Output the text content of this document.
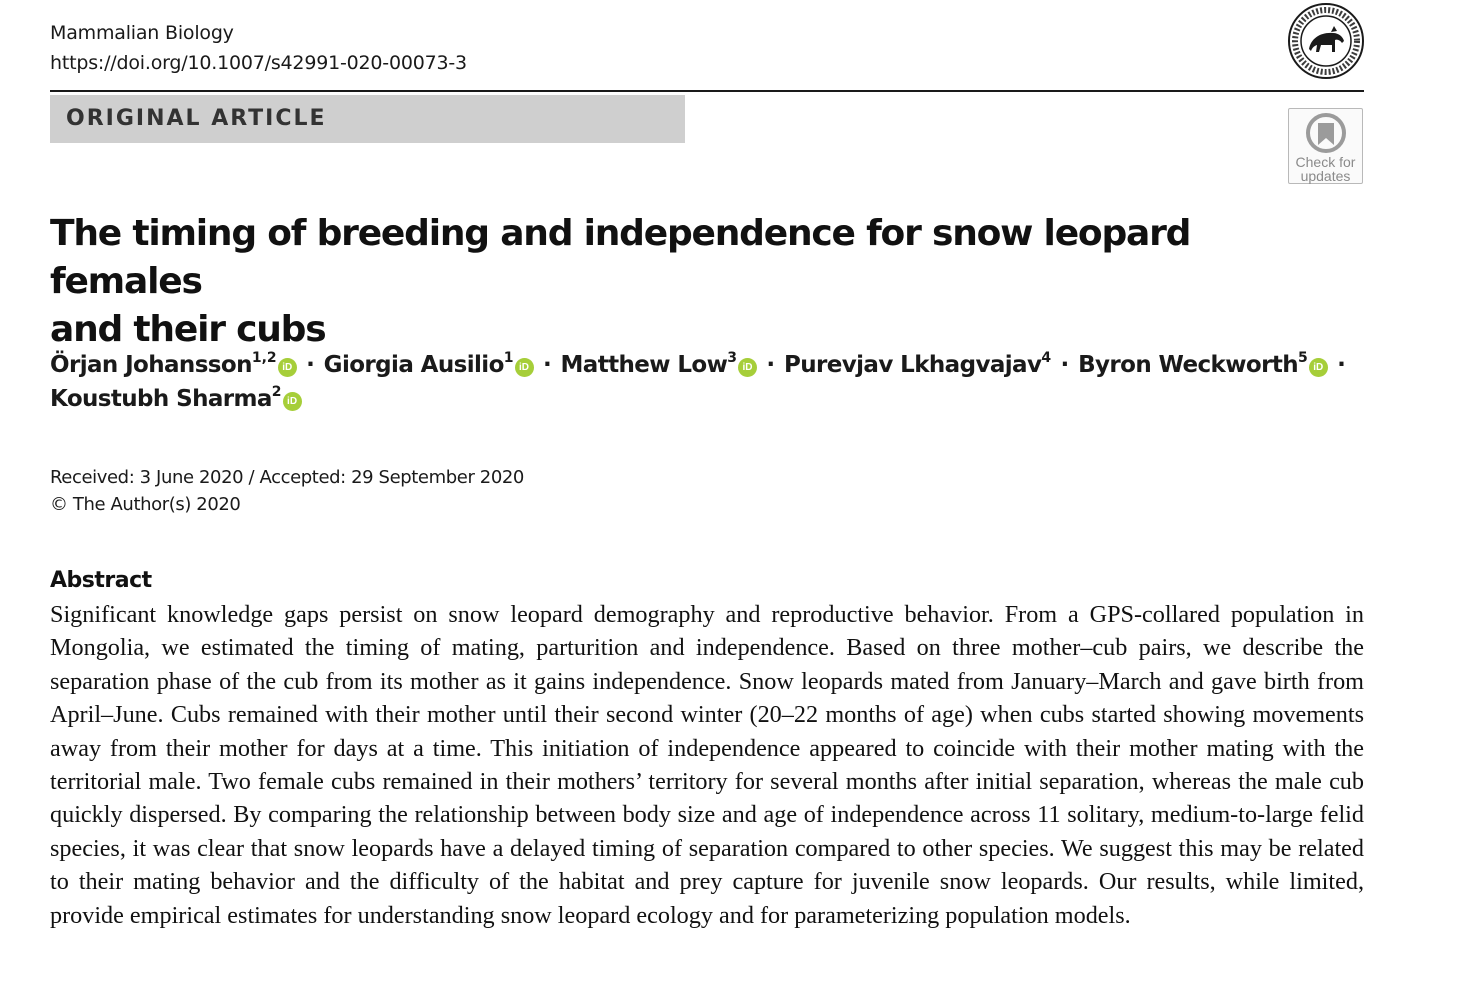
Mammalian Biology
https://doi.org/10.1007/s42991-020-00073-3
ORIGINAL ARTICLE
Check for
updates
The timing of breeding and independence for snow leopard females
and their cubs
Örjan Johansson$^{1,2}$iD · Giorgia Ausilio$^1$iD · Matthew Low$^3$iD · Purevjav Lkhagvajav$^4$ · Byron Weckworth$^5$iD ·
Koustubh Sharma$^2$iD
Received: 3 June 2020 / Accepted: 29 September 2020
© The Author(s) 2020
Abstract

Significant knowledge gaps persist on snow leopard demography and reproductive behavior. From a GPS-collared population in Mongolia, we estimated the timing of mating, parturition and independence. Based on three mother–cub pairs, we describe the separation phase of the cub from its mother as it gains independence. Snow leopards mated from January–March and gave birth from April–June. Cubs remained with their mother until their second winter (20–22 months of age) when cubs started showing movements away from their mother for days at a time. This initiation of independence appeared to coincide with their mother mating with the territorial male. Two female cubs remained in their mothers’ territory for several months after initial separation, whereas the male cub quickly dispersed. By comparing the relationship between body size and age of independence across 11 solitary, medium-to-large felid species, it was clear that snow leopards have a delayed timing of separation compared to other species. We suggest this may be related to their mating behavior and the difficulty of the habitat and prey capture for juvenile snow leopards. Our results, while limited, provide empirical estimates for understanding snow leopard ecology and for parameterizing population models.
